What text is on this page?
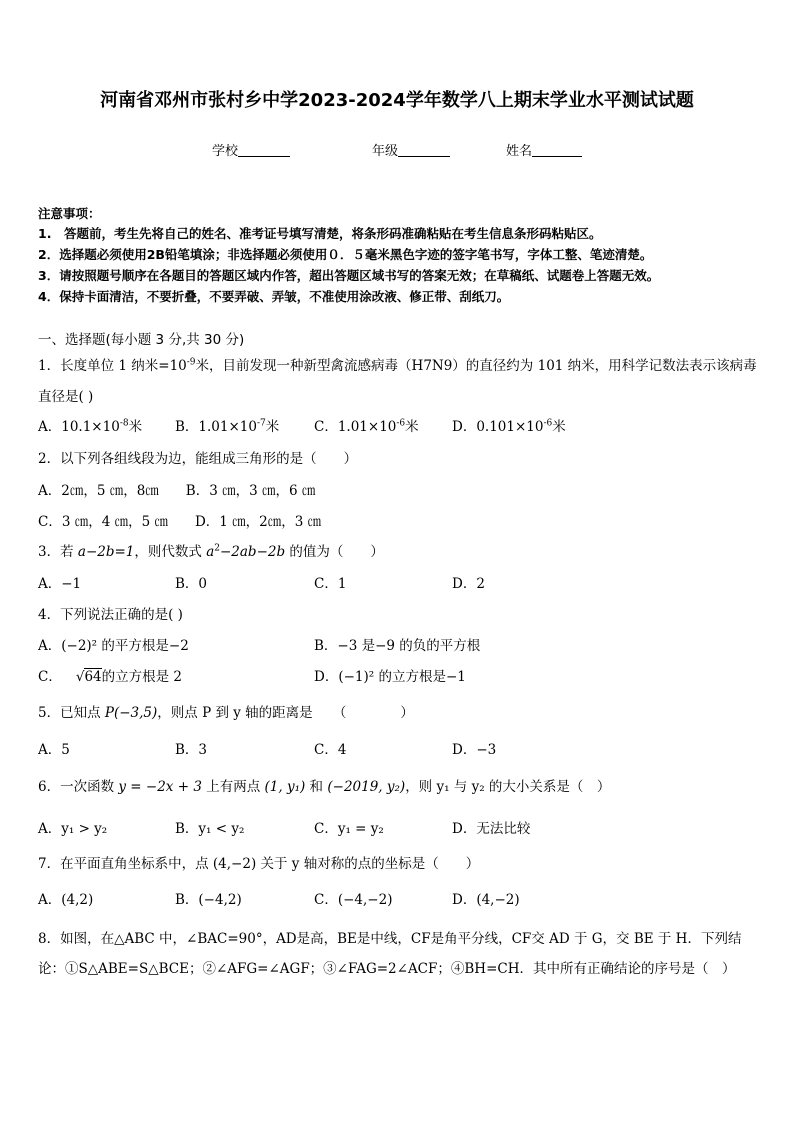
河南省邓州市张村乡中学2023-2024学年数学八上期末学业水平测试试题
学校	年级	姓名
注意事项：
1.　答题前，考生先将自己的姓名、准考证号填写清楚，将条形码准确粘贴在考生信息条形码粘贴区。
2．选择题必须使用2B铅笔填涂；非选择题必须使用０．５毫米黑色字迹的签字笔书写，字体工整、笔迹清楚。
3．请按照题号顺序在各题目的答题区域内作答，超出答题区域书写的答案无效；在草稿纸、试题卷上答题无效。
4．保持卡面清洁，不要折叠，不要弄破、弄皱，不准使用涂改液、修正带、刮纸刀。
一、选择题(每小题 3 分,共 30 分)
1．长度单位 1 纳米$=10^{-9}$米，目前发现一种新型禽流感病毒（H7N9）的直径约为 101 纳米，用科学记数法表示该病毒
直径是( )
A．$10.1\times 10^{-8}$米 B．$1.01\times 10^{-7}$米	C．$1.01\times 10^{-6}$米 D．$0.101\times 10^{-6}$米
2．以下列各组线段为边，能组成三角形的是（　　）
A．2㎝，5 ㎝，8㎝　　B．3 ㎝，3 ㎝，6 ㎝
C．3 ㎝，4 ㎝，5 ㎝　　D．1 ㎝，2㎝，3 ㎝
3．若 a−2b=1，则代数式 $a^2-2ab-2b$ 的值为（　　）
A．−1	B．0	C．1	D．2
4．下列说法正确的是( )
A．(−2)² 的平方根是−2	B．−3 是−9 的负的平方根
C． √64的立方根是 2	D．(−1)² 的立方根是−1
5．已知点 P(−3,5)，则点 P 到 y 轴的距离是　　（　　　　）
A．5	B．3	C．4	D．−3
6．一次函数 y = −2x + 3 上有两点 (1, y₁) 和 (−2019, y₂)，则 y₁ 与 y₂ 的大小关系是（　）
A．y₁ > y₂	B．y₁ < y₂	C．y₁ = y₂	D．无法比较
7．在平面直角坐标系中，点 (4,−2) 关于 y 轴对称的点的坐标是（　　）
A．(4,2)	B．(−4,2)	C．(−4,−2)	D．(4,−2)
8．如图，在△ABC 中，∠BAC=90°，AD是高，BE是中线，CF是角平分线，CF交 AD 于 G，交 BE 于 H．下列结
论：①S△ABE=S△BCE；②∠AFG=∠AGF；③∠FAG=2∠ACF；④BH=CH．其中所有正确结论的序号是（　）
